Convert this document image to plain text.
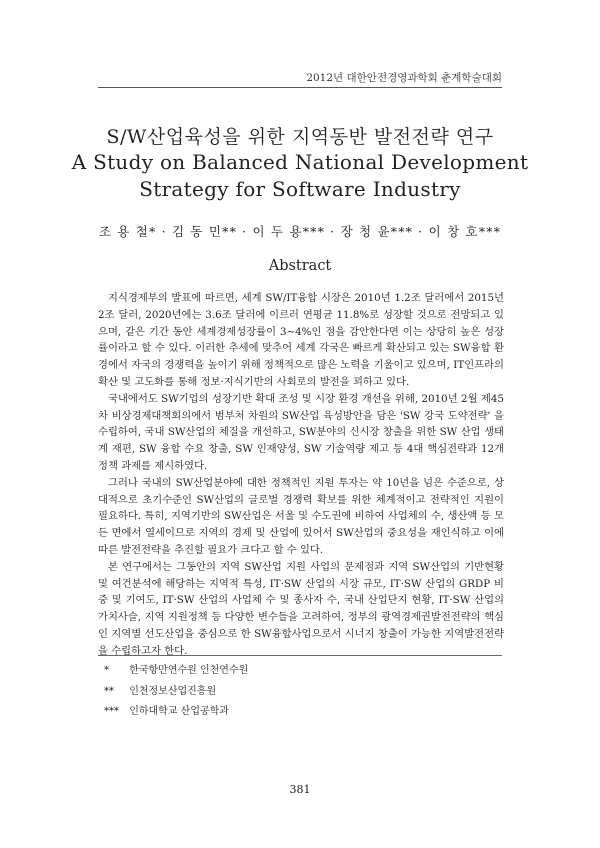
2012년 대한안전경영과학회 춘계학술대회
S/W산업육성을 위한 지역동반 발전전략 연구
A Study on Balanced National Development
Strategy for Software Industry
조 용 철* · 김 동 민** · 이 두 용*** · 장 청 윤*** · 이 창 호***
Abstract

지식경제부의 발표에 따르면, 세계 SW/IT융합 시장은 2010년 1.2조 달러에서 2015년 2조 달러, 2020년에는 3.6조 달러에 이르러 연평균 11.8%로 성장할 것으로 전망되고 있으며, 같은 기간 동안 세계경제성장률이 3~4%인 점을 감안한다면 이는 상당히 높은 성장률이라고 할 수 있다. 이러한 추세에 맞추어 세계 각국은 빠르게 확산되고 있는 SW융합 환경에서 자국의 경쟁력을 높이기 위해 정책적으로 많은 노력을 기울이고 있으며, IT인프라의 확산 및 고도화를 통해 정보·지식기반의 사회로의 발전을 꾀하고 있다.

국내에서도 SW기업의 성장기반 확대 조성 및 시장 환경 개선을 위해, 2010년 2월 제45차 비상경제대책회의에서 범부처 차원의 SW산업 육성방안을 담은 'SW 강국 도약전략' 을 수립하여, 국내 SW산업의 체질을 개선하고, SW분야의 신시장 창출을 위한 SW 산업 생태계 재편, SW 융합 수요 창출, SW 인재양성, SW 기술역량 제고 등 4대 핵심전략과 12개 정책 과제를 제시하였다.

그러나 국내의 SW산업분야에 대한 정책적인 지원 투자는 약 10년을 넘은 수준으로, 상대적으로 초기수준인 SW산업의 글로벌 경쟁력 확보를 위한 체계적이고 전략적인 지원이 필요하다. 특히, 지역기반의 SW산업은 서울 및 수도권에 비하여 사업체의 수, 생산액 등 모든 면에서 열세이므로 지역의 경제 및 산업에 있어서 SW산업의 중요성을 재인식하고 이에 따른 발전전략을 추진할 필요가 크다고 할 수 있다.

본 연구에서는 그동안의 지역 SW산업 지원 사업의 문제점과 지역 SW산업의 기반현황 및 여건분석에 해당하는 지역적 특성, IT·SW 산업의 시장 규모, IT·SW 산업의 GRDP 비중 및 기여도, IT·SW 산업의 사업체 수 및 종사자 수, 국내 산업단지 현황, IT·SW 산업의 가치사슬, 지역 지원정책 등 다양한 변수들을 고려하여, 정부의 광역경제권발전전략의 핵심인 지역별 선도산업을 중심으로 한 SW융합사업으로서 시너지 창출이 가능한 지역발전전략을 수립하고자 한다.

* 한국항만연수원 인천연수원
** 인천정보산업진흥원
*** 인하대학교 산업공학과
381
